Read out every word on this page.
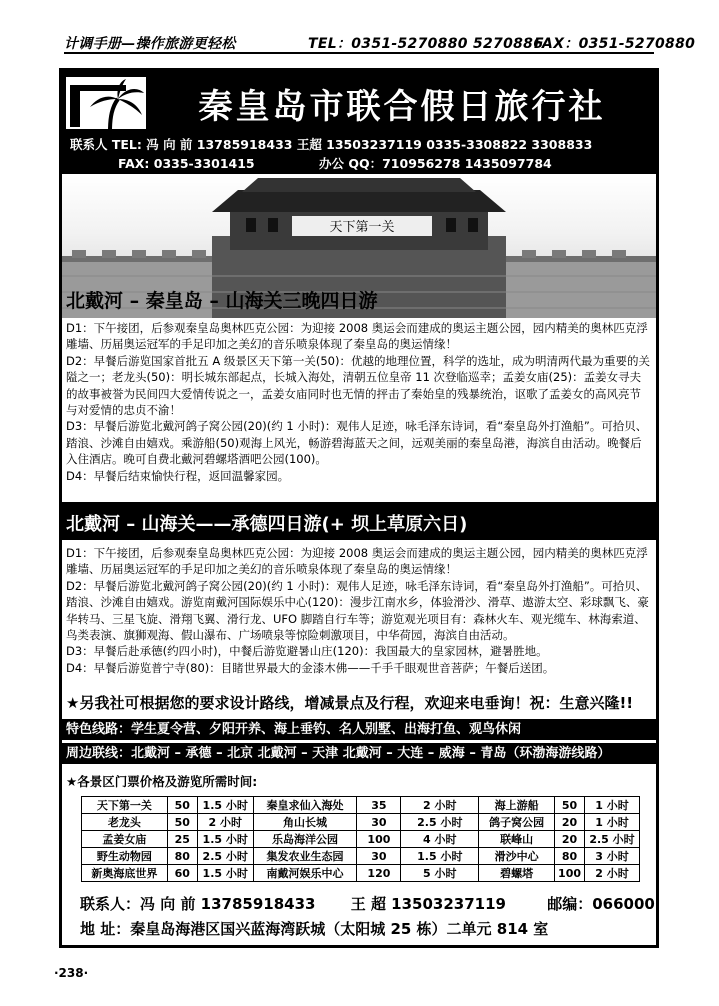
计调手册—操作旅游更轻松	TEL：0351-5270880 5270886
FAX：0351-5270880
秦皇岛市联合假日旅行社
联系人 TEL: 冯 向 前 13785918433 王超 13503237119 0335-3308822 3308833
FAX: 0335-3301415	办公 QQ：710956278 1435097784
天下第一关
北戴河 – 秦皇岛 – 山海关三晚四日游

D1：下午接团，后参观秦皇岛奥林匹克公园：为迎接 2008 奥运会而建成的奥运主题公园，园内精美的奥林匹克浮雕墙、历届奥运冠军的手足印加之美幻的音乐喷泉体现了秦皇岛的奥运情缘！

D2：早餐后游览国家首批五 A 级景区天下第一关(50)：优越的地理位置，科学的选址，成为明清两代最为重要的关隘之一；老龙头(50)：明长城东部起点，长城入海处，清朝五位皇帝 11 次登临巡幸；孟姜女庙(25)：孟姜女寻夫的故事被誉为民间四大爱情传说之一，孟姜女庙同时也无情的抨击了秦始皇的残暴统治，讴歌了孟姜女的高风亮节与对爱情的忠贞不渝！

D3：早餐后游览北戴河鸽子窝公园(20)(约 1 小时)：观伟人足迹，咏毛泽东诗词，看“秦皇岛外打渔船”。可拾贝、踏浪、沙滩自由嬉戏。乘游船(50)观海上风光，畅游碧海蓝天之间，远观美丽的秦皇岛港，海滨自由活动。晚餐后入住酒店。晚可自费北戴河碧螺塔酒吧公园(100)。

D4：早餐后结束愉快行程，返回温馨家园。

北戴河 – 山海关——承德四日游(+ 坝上草原六日)

D1：下午接团，后参观秦皇岛奥林匹克公园：为迎接 2008 奥运会而建成的奥运主题公园，园内精美的奥林匹克浮雕墙、历届奥运冠军的手足印加之美幻的音乐喷泉体现了秦皇岛的奥运情缘！

D2：早餐后游览北戴河鸽子窝公园(20)(约 1 小时)：观伟人足迹，咏毛泽东诗词，看“秦皇岛外打渔船”。可拾贝、踏浪、沙滩自由嬉戏。游览南戴河国际娱乐中心(120)：漫步江南水乡，体验滑沙、滑草、遨游太空、彩球飘飞、豪华转马、三星飞旋、滑翔飞翼、滑行龙、UFO 脚踏自行车等；游览观光项目有：森林火车、观光缆车、林海索道、鸟类表演、旗狮观海、假山瀑布、广场喷泉等惊险刺激项目，中华荷园，海滨自由活动。

D3：早餐后赴承德(约四小时)，中餐后游览避暑山庄(120)：我国最大的皇家园林，避暑胜地。

D4：早餐后游览普宁寺(80)：目睹世界最大的金漆木佛——千手千眼观世音菩萨；午餐后送团。

★另我社可根据您的要求设计路线，增减景点及行程，欢迎来电垂询！祝：生意兴隆!!
特色线路：学生夏令营、夕阳开养、海上垂钓、名人别墅、出海打鱼、观鸟休闲
周边联线：北戴河 – 承德 – 北京 北戴河 – 天津 北戴河 – 大连 – 威海 – 青岛（环渤海游线路）
★各景区门票价格及游览所需时间:
天下第一关	50	1.5 小时	秦皇求仙入海处	35	2 小时	海上游船	50	1 小时
老龙头	50	2 小时	角山长城	30	2.5 小时	鸽子窝公园	20	1 小时
孟姜女庙	25	1.5 小时	乐岛海洋公园	100	4 小时	联峰山	20	2.5 小时
野生动物园	80	2.5 小时	集发农业生态园	30	1.5 小时	滑沙中心	80	3 小时
新奥海底世界	60	1.5 小时	南戴河娱乐中心	120	5 小时	碧螺塔	100	2 小时
联系人：冯 向 前 13785918433 王 超 13503237119	邮编：066000
地 址：秦皇岛海港区国兴蓝海湾跃城（太阳城 25 栋）二单元 814 室
·238·
